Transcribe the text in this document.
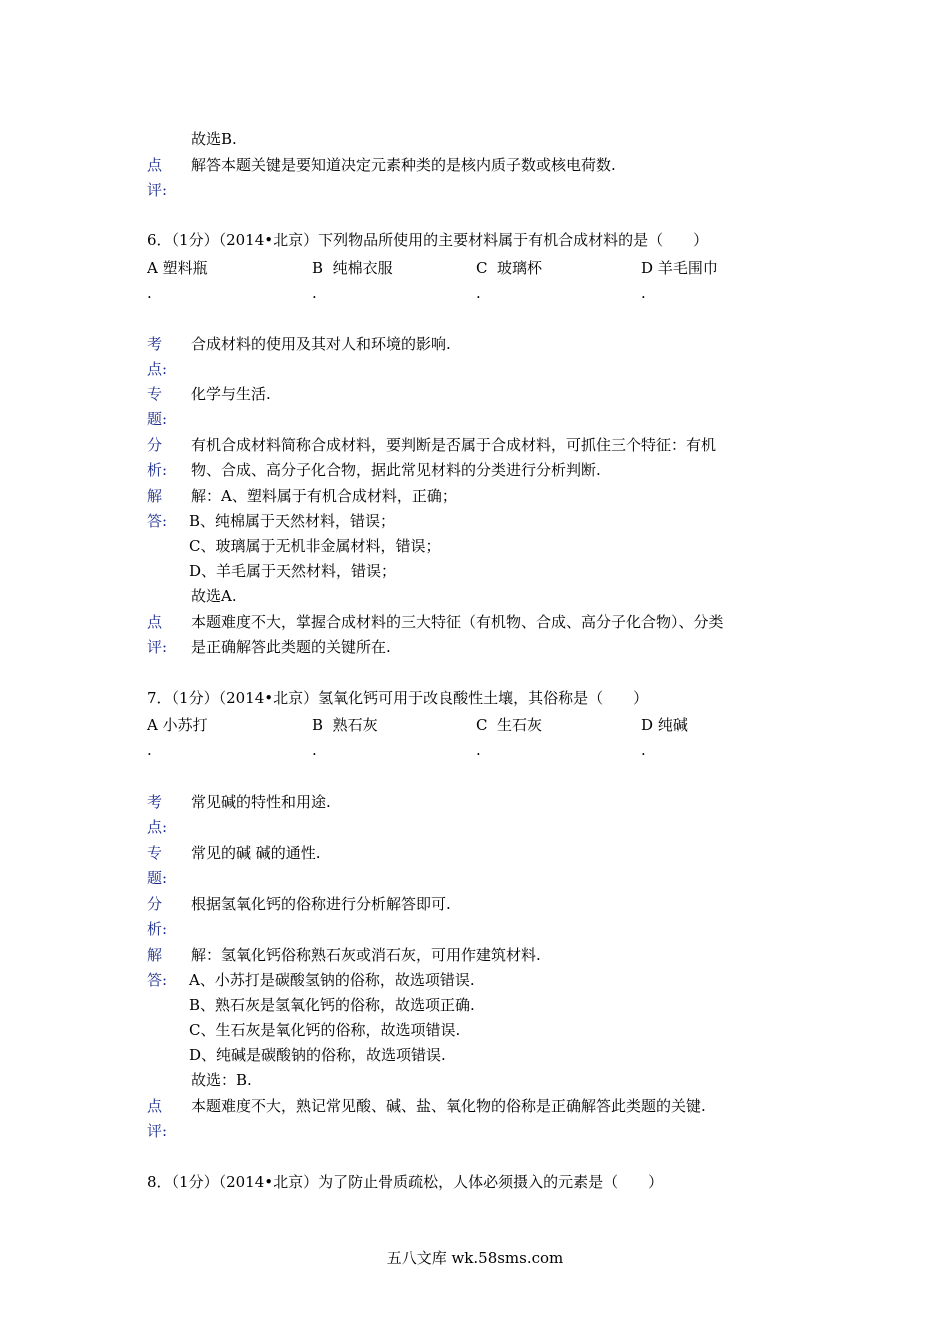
故选B.
点 解答本题关键是要知道决定元素种类的是核内质子数或核电荷数.
评:
6．（1分）（2014•北京）下列物品所使用的主要材料属于有机合成材料的是（　　）
A 塑料瓶	B 纯棉衣服	C 玻璃杯	D 羊毛围巾
.	.	.	.
考 合成材料的使用及其对人和环境的影响.
点:
专 化学与生活.
题:
分 有机合成材料简称合成材料，要判断是否属于合成材料，可抓住三个特征：有机
析: 物、合成、高分子化合物，据此常见材料的分类进行分析判断.
解 解：A、塑料属于有机合成材料，正确；
答: B、纯棉属于天然材料，错误；
C、玻璃属于无机非金属材料，错误；
D、羊毛属于天然材料，错误；
故选A.
点 本题难度不大，掌握合成材料的三大特征（有机物、合成、高分子化合物）、分类
评: 是正确解答此类题的关键所在.
7．（1分）（2014•北京）氢氧化钙可用于改良酸性土壤，其俗称是（　　）
A 小苏打	B 熟石灰	C 生石灰	D 纯碱
.	.	.	.
考 常见碱的特性和用途.
点:
专 常见的碱 碱的通性.
题:
分 根据氢氧化钙的俗称进行分析解答即可.
析:
解 解：氢氧化钙俗称熟石灰或消石灰，可用作建筑材料.
答: A、小苏打是碳酸氢钠的俗称，故选项错误.
B、熟石灰是氢氧化钙的俗称，故选项正确.
C、生石灰是氧化钙的俗称，故选项错误.
D、纯碱是碳酸钠的俗称，故选项错误.
故选：B.
点 本题难度不大，熟记常见酸、碱、盐、氧化物的俗称是正确解答此类题的关键.
评:
8．（1分）（2014•北京）为了防止骨质疏松，人体必须摄入的元素是（　　）
五八文库 wk.58sms.com
